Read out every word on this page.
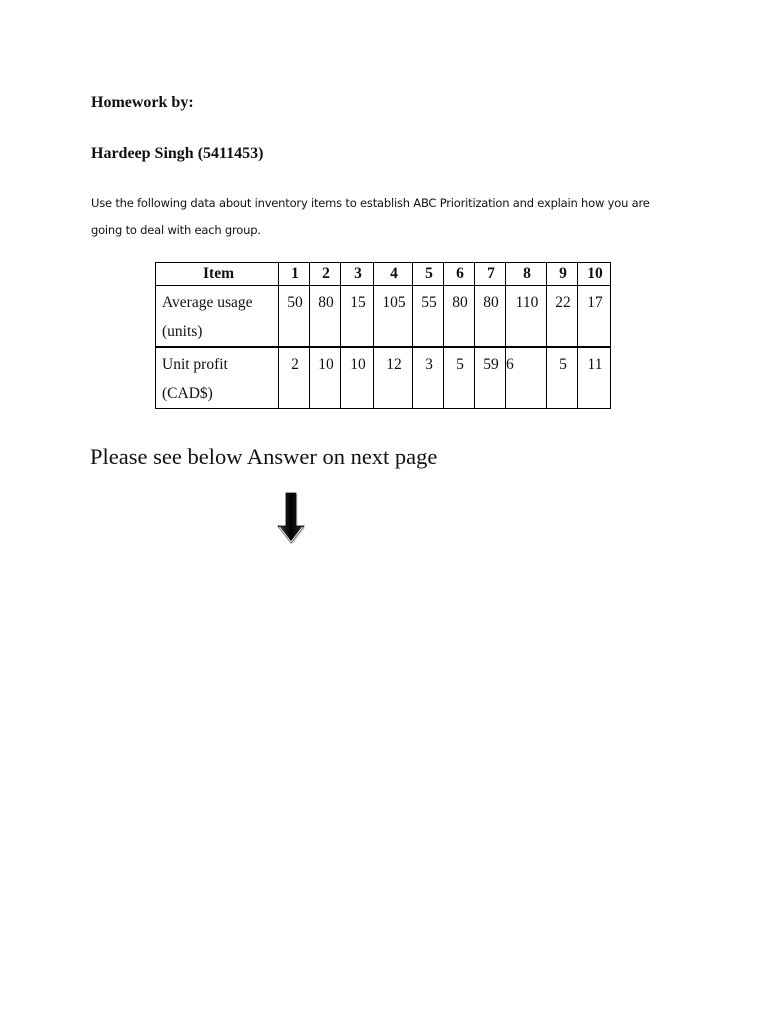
Homework by:
Hardeep Singh (5411453)
Use the following data about inventory items to establish ABC Prioritization and explain how you are
going to deal with each group.
Item	1	2	3	4	5	6	7	8	9	10

Average usage
(units)	50	80	15	105	55	80	80	110	22	17

Unit profit
(CAD$)	2	10	10	12	3	5	59	6	5	11
Please see below Answer on next page
